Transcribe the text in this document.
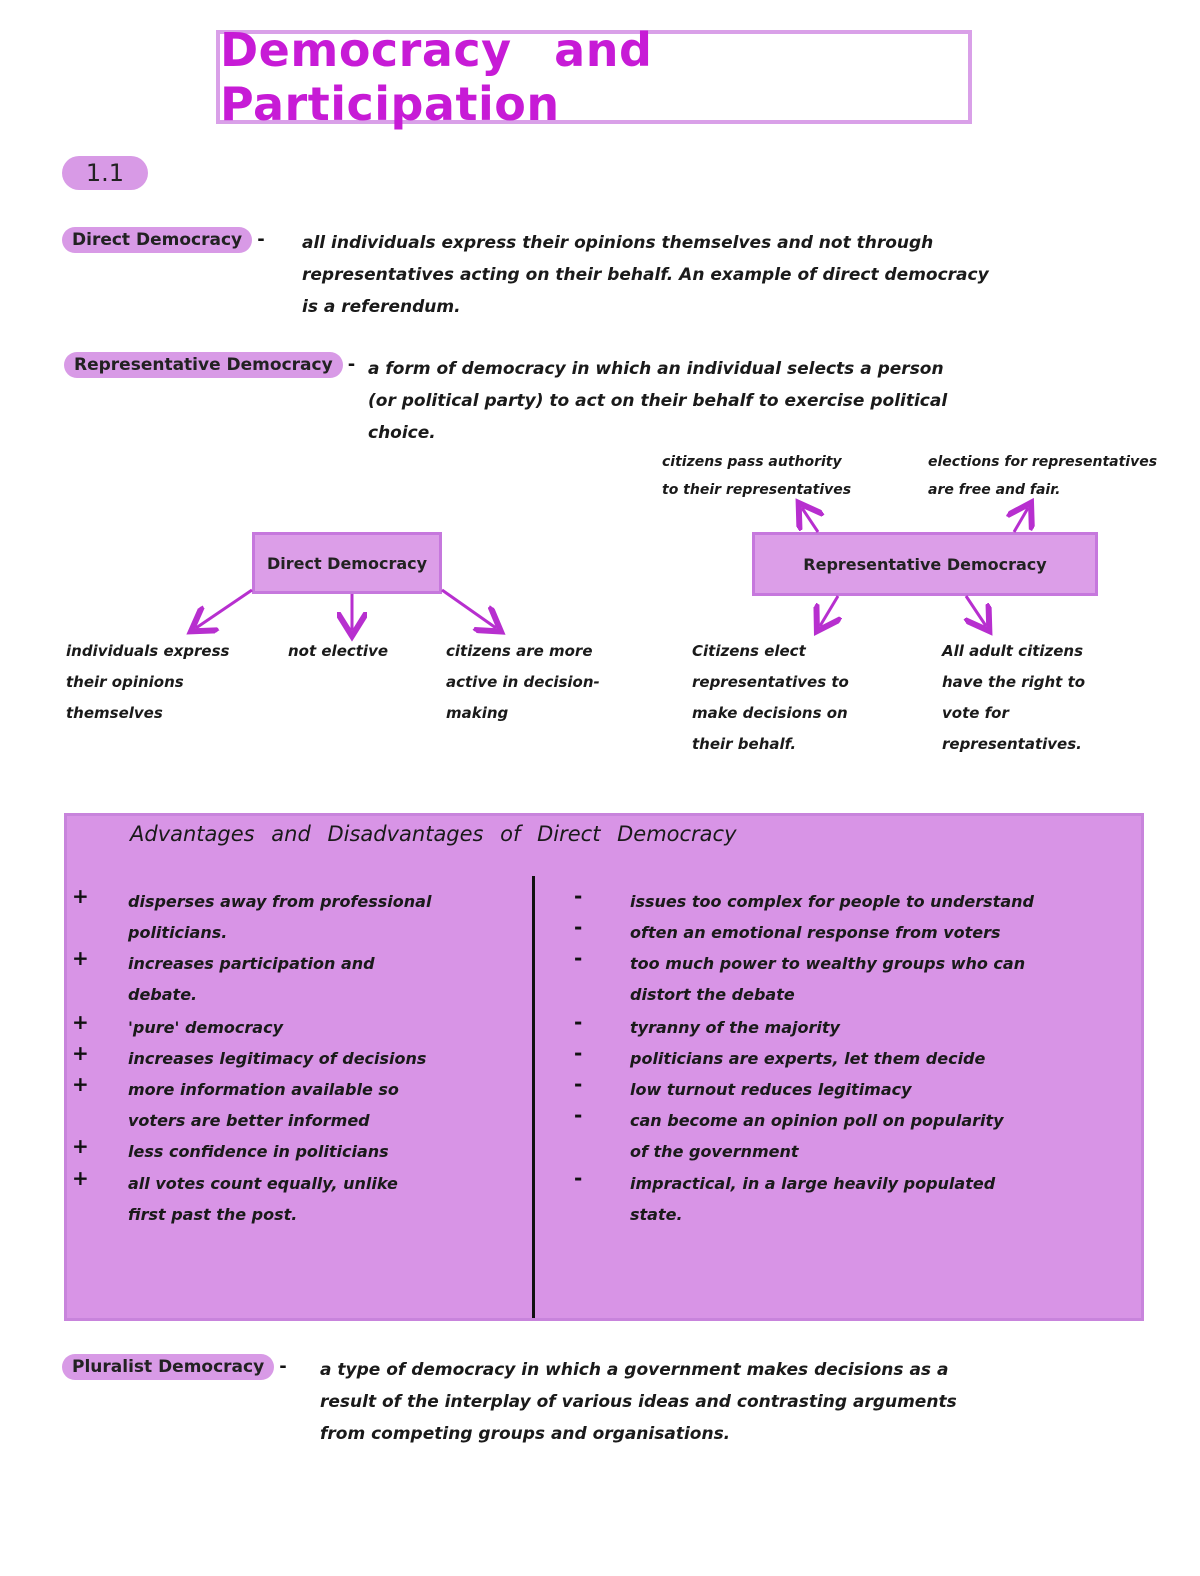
Democracy and Participation
1.1
Direct Democracy - all individuals express their opinions themselves and not through
representatives acting on their behalf. An example of direct democracy
is a referendum.
Representative Democracy - a form of democracy in which an individual selects a person
(or political party) to act on their behalf to exercise political
choice.
citizens pass authority
to their representatives
elections for representatives
are free and fair.
Direct Democracy	Representative Democracy
individuals express
their opinions
themselves
not elective	citizens are more
active in decision-
making
Citizens elect
representatives to
make decisions on
their behalf.
All adult citizens
have the right to
vote for
representatives.
Advantages and Disadvantages of Direct Democracy
+ disperses away from professional
politicians.
+ increases participation and
debate.
+ 'pure' democracy
+ increases legitimacy of decisions
+ more information available so
voters are better informed
+ less confidence in politicians
+ all votes count equally, unlike
first past the post.
-	issues too complex for people to understand
-	often an emotional response from voters
-	too much power to wealthy groups who can
distort the debate
-	tyranny of the majority
-	politicians are experts, let them decide
-	low turnout reduces legitimacy
-	can become an opinion poll on popularity
of the government
-	impractical, in a large heavily populated
state.
Pluralist Democracy - a type of democracy in which a government makes decisions as a
result of the interplay of various ideas and contrasting arguments
from competing groups and organisations.
